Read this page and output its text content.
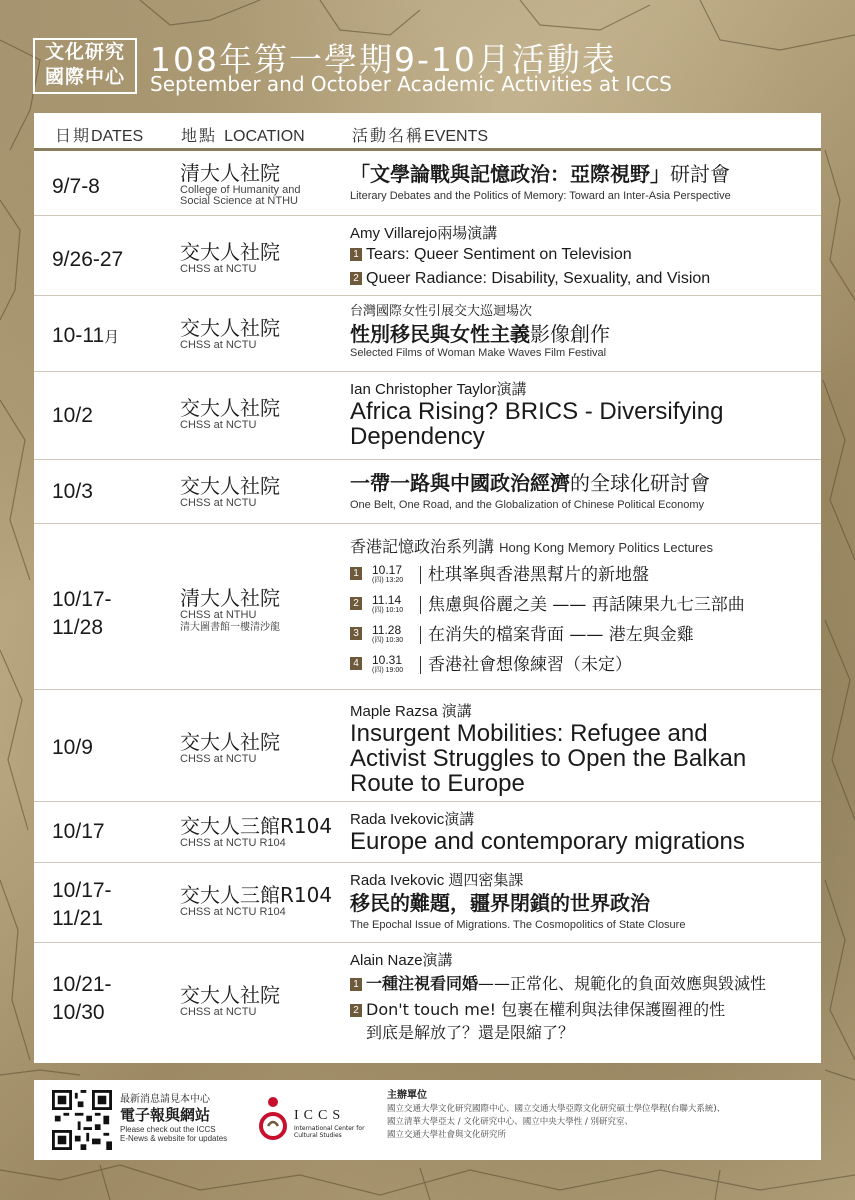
文化研究
國際中心 108年第一學期9-10月活動表
September and October Academic Activities at ICCS
日期DATES 地點 LOCATION	活動名稱EVENTS
9/7-8
清大人社院
College of Humanity and
Social Science at NTHU
「文學論戰與記憶政治：亞際視野」研討會
Literary Debates and the Politics of Memory: Toward an Inter-Asia Perspective
9/26-27	交大人社院
CHSS at NCTU
Amy Villarejo兩場演講
1 Tears: Queer Sentiment on Television
2 Queer Radiance: Disability, Sexuality, and Vision
10-11月	交大人社院
CHSS at NCTU
台灣國際女性引展交大巡迴場次
性別移民與女性主義影像創作
Selected Films of Woman Make Waves Film Festival
10/2	交大人社院
CHSS at NCTU
Ian Christopher Taylor演講
Africa Rising? BRICS - Diversifying
Dependency
10/3	交大人社院
CHSS at NCTU
一帶一路與中國政治經濟的全球化研討會
One Belt, One Road, and the Globalization of Chinese Political Economy
10/17-
11/28
清大人社院
CHSS at NTHU
清大圖書館一樓清沙龍
香港記憶政治系列講 Hong Kong Memory Politics Lectures
1 10.17
(四) 13:20 杜琪峯與香港黑幫片的新地盤
2 11.14
(四) 10:10 焦慮與俗麗之美 —— 再話陳果九七三部曲
3 11.28
(四) 10:30 在消失的檔案背面 —— 港左與金雞
4 10.31
(四) 19:00 香港社會想像練習（未定）
10/9	交大人社院
CHSS at NCTU
Maple Razsa 演講
Insurgent Mobilities: Refugee and
Activist Struggles to Open the Balkan
Route to Europe
10/17	交大人三館R104
CHSS at NCTU R104
Rada Ivekovic演講
Europe and contemporary migrations
10/17-
11/21
交大人三館R104
CHSS at NCTU R104
Rada Ivekovic 週四密集課
移民的難題，疆界閉鎖的世界政治
The Epochal Issue of Migrations. The Cosmopolitics of State Closure
10/21-
10/30
交大人社院
CHSS at NCTU
Alain Naze演講
1 一種注視看同婚——正常化、規範化的負面效應與毀滅性
2 Don't touch me! 包裹在權利與法律保護圈裡的性
到底是解放了？還是限縮了？
最新消息請見本中心
電子報與網站
Please check out the ICCS
E-News & website for updates
ICCS
International Center for
Cultural Studies
主辦單位
國立交通大學文化研究國際中心、國立交通大學亞際文化研究碩士學位學程(台聯大系統)、
國立清華大學亞太 / 文化研究中心、國立中央大學性 / 別研究室、
國立交通大學社會與文化研究所
